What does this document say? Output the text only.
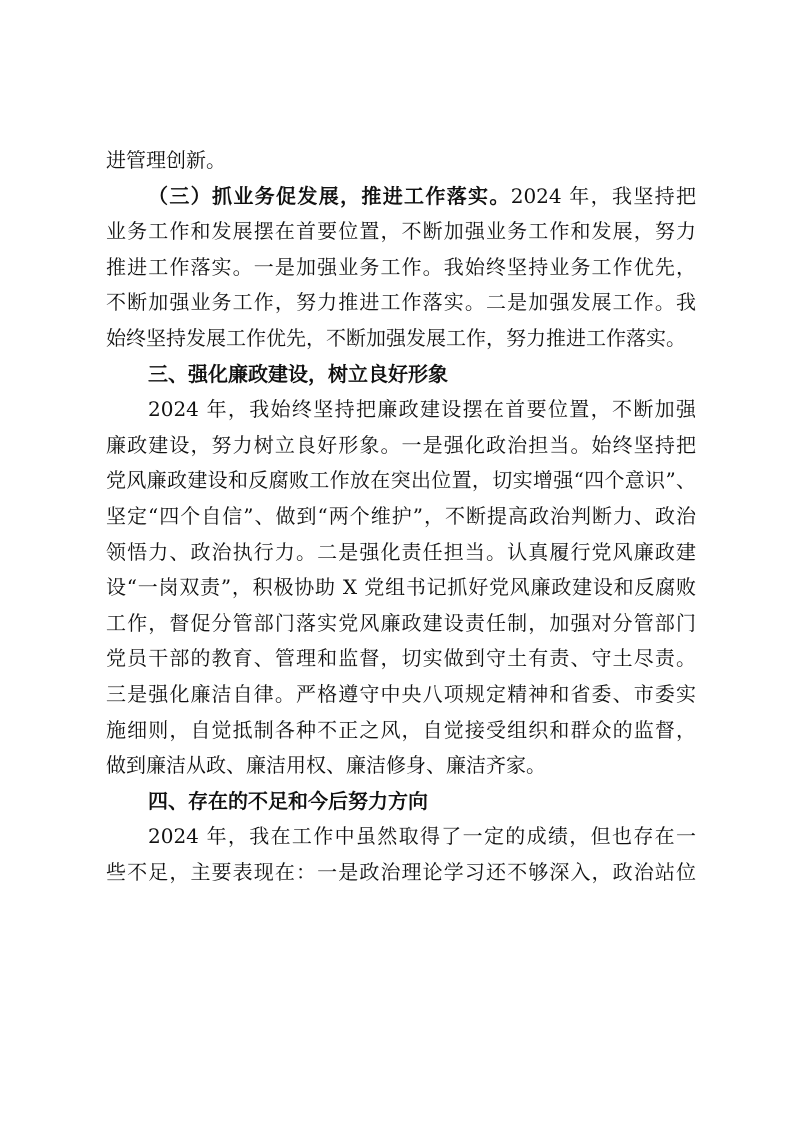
进管理创新。
（三）抓业务促发展，推进工作落实。2024 年，我坚持把
业务工作和发展摆在首要位置，不断加强业务工作和发展，努力
推进工作落实。一是加强业务工作。我始终坚持业务工作优先，
不断加强业务工作，努力推进工作落实。二是加强发展工作。我
始终坚持发展工作优先，不断加强发展工作，努力推进工作落实。
三、强化廉政建设，树立良好形象
2024 年，我始终坚持把廉政建设摆在首要位置，不断加强
廉政建设，努力树立良好形象。一是强化政治担当。始终坚持把
党风廉政建设和反腐败工作放在突出位置，切实增强“四个意识”、
坚定“四个自信”、做到“两个维护”，不断提高政治判断力、政治
领悟力、政治执行力。二是强化责任担当。认真履行党风廉政建
设“一岗双责”，积极协助 X 党组书记抓好党风廉政建设和反腐败
工作，督促分管部门落实党风廉政建设责任制，加强对分管部门
党员干部的教育、管理和监督，切实做到守土有责、守土尽责。
三是强化廉洁自律。严格遵守中央八项规定精神和省委、市委实
施细则，自觉抵制各种不正之风，自觉接受组织和群众的监督，
做到廉洁从政、廉洁用权、廉洁修身、廉洁齐家。
四、存在的不足和今后努力方向
2024 年，我在工作中虽然取得了一定的成绩，但也存在一
些不足，主要表现在：一是政治理论学习还不够深入，政治站位
